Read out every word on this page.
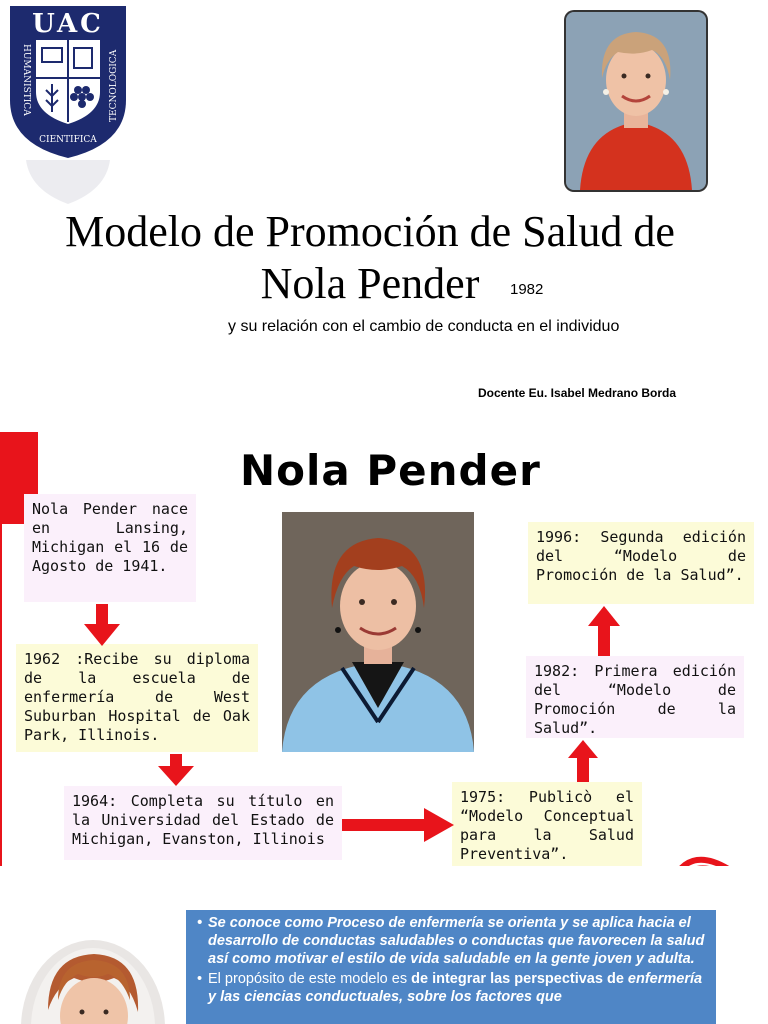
UAC
HUMANISTICA	TECNOLOGICA
CIENTIFICA
Modelo de Promoción de Salud de
Nola Pender	1982
y su relación con el cambio de conducta en el individuo
Docente Eu. Isabel Medrano Borda
Nola Pender
Nola Pender nace en Lansing, Michigan el 16 de Agosto de 1941.
1962 :Recibe su diploma de la escuela de enfermería de West Suburban Hospital de Oak Park, Illinois.
1964: Completa su título en la Universidad del Estado de Michigan, Evanston, Illinois
1975: Publicò el “Modelo Conceptual para la Salud Preventiva”.
1982: Primera edición del “Modelo de Promoción de la Salud”.
1996: Segunda edición del “Modelo de Promoción de la Salud”.
• Se conoce como Proceso de enfermería se orienta y se aplica hacia el desarrollo de conductas saludables o conductas que favorecen la salud así como motivar el estilo de vida saludable en la gente joven y adulta.
• El propósito de este modelo es de integrar las perspectivas de enfermería y las ciencias conductuales, sobre los factores que
